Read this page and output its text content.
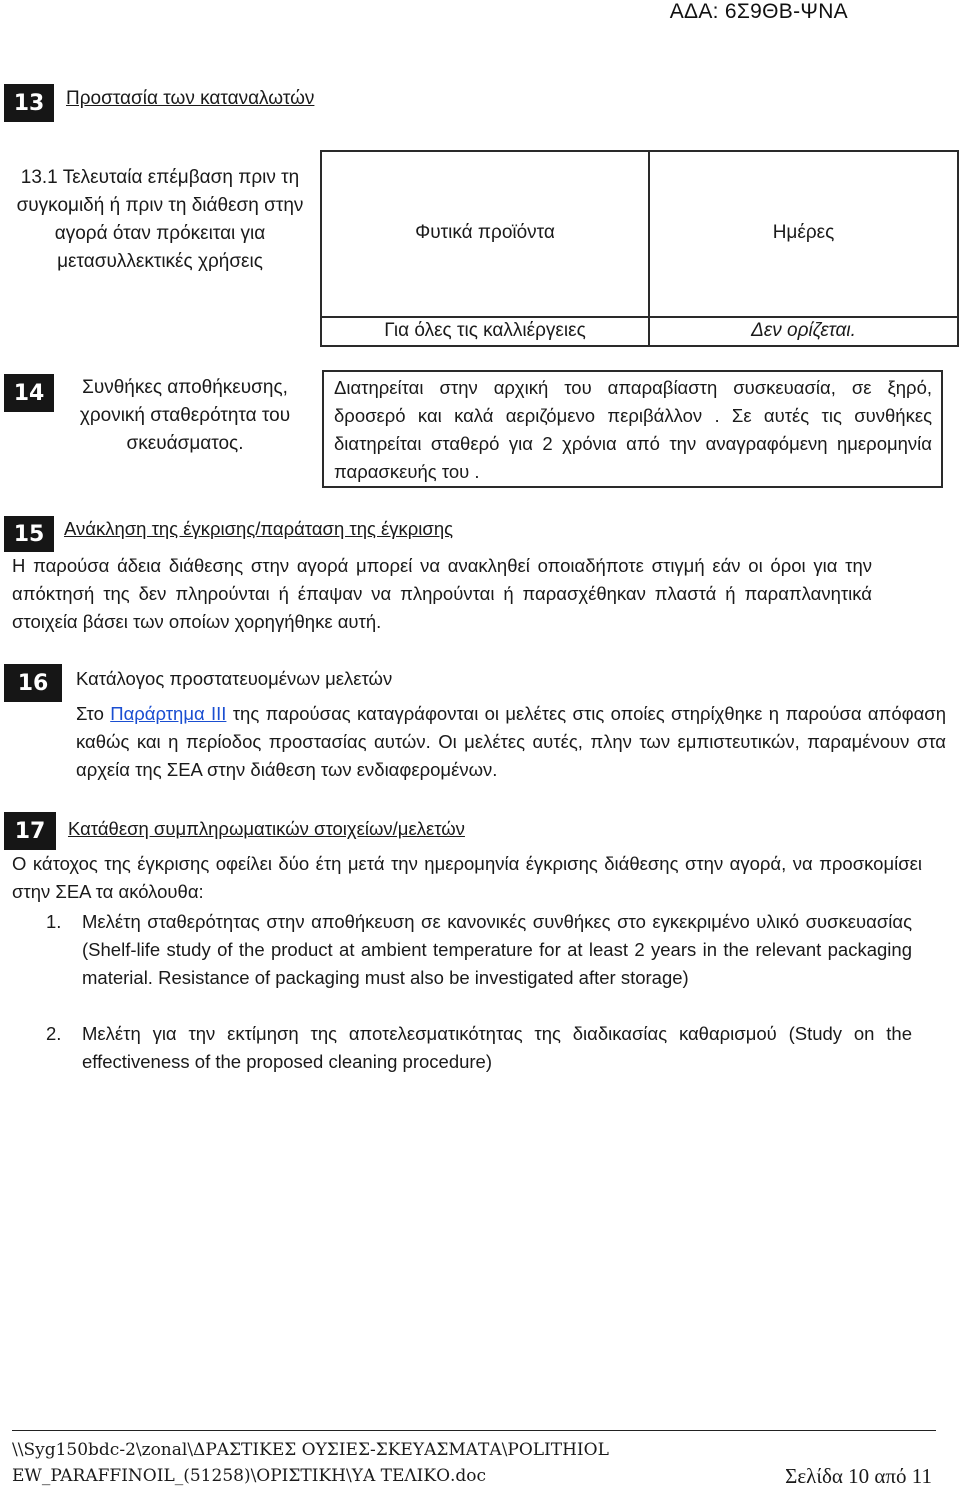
ΑΔΑ: 6Σ9ΘΒ-ΨΝΑ
13	Προστασία των καταναλωτών
13.1 Τελευταία επέμβαση πριν τη συγκομιδή ή πριν τη διάθεση στην αγορά όταν πρόκειται για μετασυλλεκτικές χρήσεις
Φυτικά προϊόντα	Ημέρες
Για όλες τις καλλιέργειες	Δεν ορίζεται.
14	Συνθήκες αποθήκευσης, χρονική σταθερότητα του σκευάσματος.
Διατηρείται στην αρχική του απαραβίαστη συσκευασία, σε ξηρό, δροσερό και καλά αεριζόμενο περιβάλλον . Σε αυτές τις συνθήκες διατηρείται σταθερό για 2 χρόνια από την αναγραφόμενη ημερομηνία παρασκευής του .
15	Ανάκληση της έγκρισης/παράταση της έγκρισης
Η παρούσα άδεια διάθεσης στην αγορά μπορεί να ανακληθεί οποιαδήποτε στιγμή εάν οι όροι για την απόκτησή της δεν πληρούνται ή έπαψαν να πληρούνται ή παρασχέθηκαν πλαστά ή παραπλανητικά στοιχεία βάσει των οποίων χορηγήθηκε αυτή.
16	Κατάλογος προστατευομένων μελετών
Στο Παράρτημα ΙΙΙ της παρούσας καταγράφονται οι μελέτες στις οποίες στηρίχθηκε η παρούσα απόφαση καθώς και η περίοδος προστασίας αυτών. Οι μελέτες αυτές, πλην των εμπιστευτικών, παραμένουν στα αρχεία της ΣΕΑ στην διάθεση των ενδιαφερομένων.
17	Κατάθεση συμπληρωματικών στοιχείων/μελετών
Ο κάτοχος της έγκρισης οφείλει δύο έτη μετά την ημερομηνία έγκρισης διάθεσης στην αγορά, να προσκομίσει στην ΣΕΑ τα ακόλουθα:
1. Μελέτη σταθερότητας στην αποθήκευση σε κανονικές συνθήκες στο εγκεκριμένο υλικό συσκευασίας (Shelf-life study of the product at ambient temperature for at least 2 years in the relevant packaging material. Resistance of packaging must also be investigated after storage)
2. Μελέτη για την εκτίμηση της αποτελεσματικότητας της διαδικασίας καθαρισμού (Study on the effectiveness of the proposed cleaning procedure)
\\Syg150bdc-2\zonal\ΔΡΑΣΤΙΚΕΣ ΟΥΣΙΕΣ-ΣΚΕΥΑΣΜΑΤΑ\POLITHIOL
EW_PARAFFINOIL_(51258)\ΟΡΙΣΤΙΚΗ\ΥΑ ΤΕΛΙΚΟ.doc	Σελίδα 10 από 11
